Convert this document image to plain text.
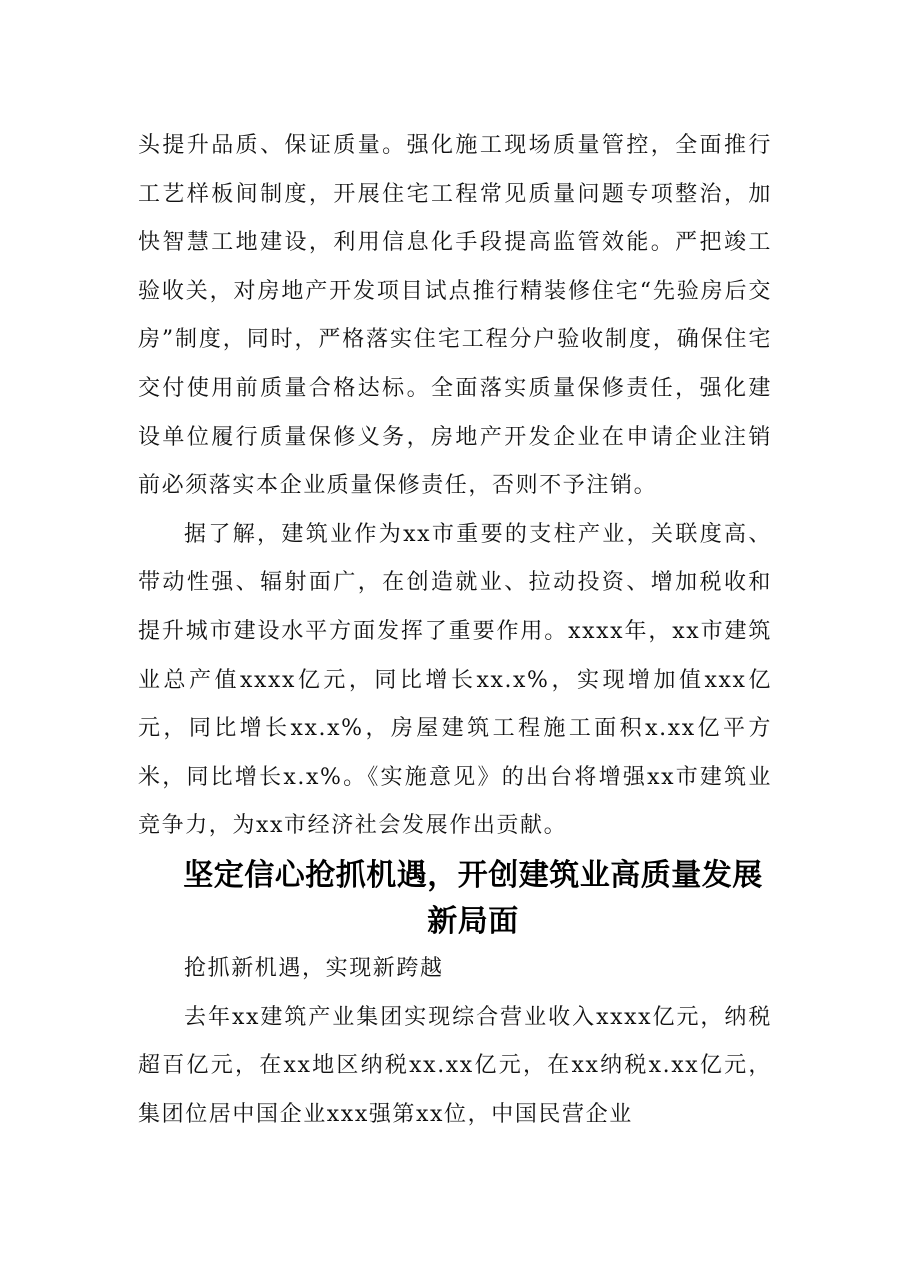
头提升品质、保证质量。强化施工现场质量管控，全面推行工艺样板间制度，开展住宅工程常见质量问题专项整治，加快智慧工地建设，利用信息化手段提高监管效能。严把竣工验收关，对房地产开发项目试点推行精装修住宅“先验房后交房”制度，同时，严格落实住宅工程分户验收制度，确保住宅交付使用前质量合格达标。全面落实质量保修责任，强化建设单位履行质量保修义务，房地产开发企业在申请企业注销前必须落实本企业质量保修责任，否则不予注销。

据了解，建筑业作为xx市重要的支柱产业，关联度高、带动性强、辐射面广，在创造就业、拉动投资、增加税收和提升城市建设水平方面发挥了重要作用。xxxx年，xx市建筑业总产值xxxx亿元，同比增长xx.x%，实现增加值xxx亿元，同比增长xx.x%，房屋建筑工程施工面积x.xx亿平方米，同比增长x.x%。《实施意见》的出台将增强xx市建筑业竞争力，为xx市经济社会发展作出贡献。

坚定信心抢抓机遇，开创建筑业高质量发展新局面

抢抓新机遇，实现新跨越

去年xx建筑产业集团实现综合营业收入xxxx亿元，纳税超百亿元，在xx地区纳税xx.xx亿元，在xx纳税x.xx亿元，集团位居中国企业xxx强第xx位，中国民营企业
